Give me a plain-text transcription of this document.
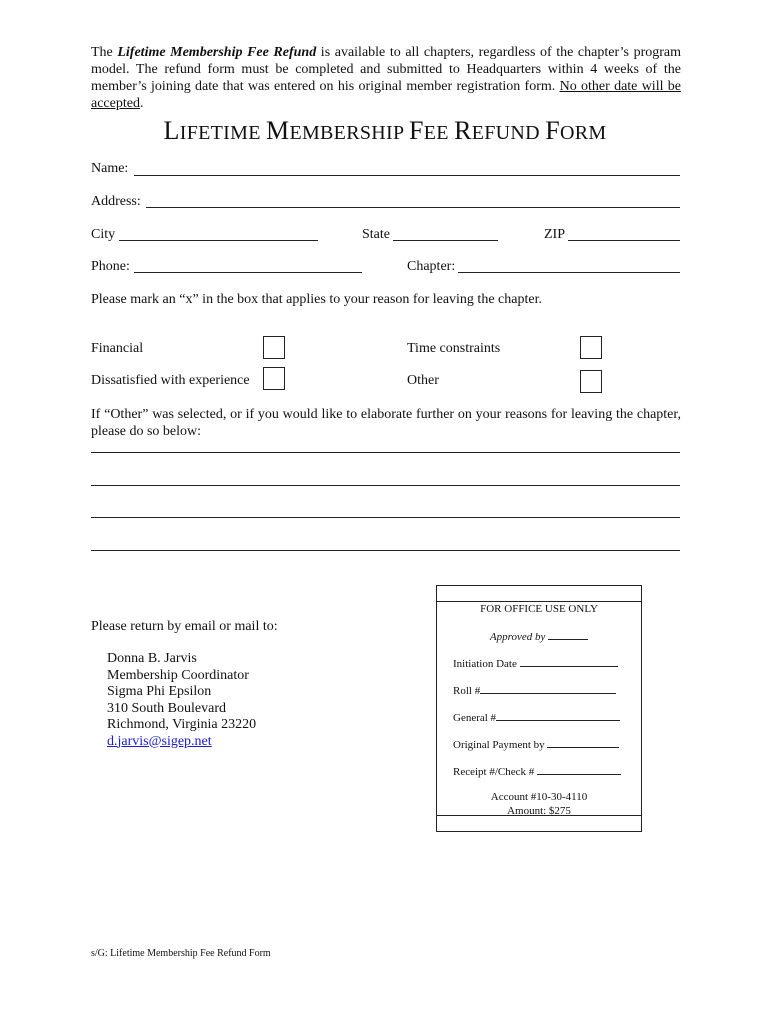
The Lifetime Membership Fee Refund is available to all chapters, regardless of the chapter’s program model. The refund form must be completed and submitted to Headquarters within 4 weeks of the member’s joining date that was entered on his original member registration form. No other date will be accepted.
LIFETIME MEMBERSHIP FEE REFUND FORM
Name:
Address:
City	State	ZIP
Phone:	Chapter:
Please mark an “x” in the box that applies to your reason for leaving the chapter.
Financial	Time constraints
Dissatisfied with experience	Other
If “Other” was selected, or if you would like to elaborate further on your reasons for leaving the chapter, please do so below:
Please return by email or mail to:
Donna B. Jarvis
Membership Coordinator
Sigma Phi Epsilon
310 South Boulevard
Richmond, Virginia 23220
d.jarvis@sigep.net
FOR OFFICE USE ONLY
Approved by
Initiation Date
Roll #
General #
Original Payment by
Receipt #/Check #
Account #10-30-4110
Amount: $275
s/G: Lifetime Membership Fee Refund Form
